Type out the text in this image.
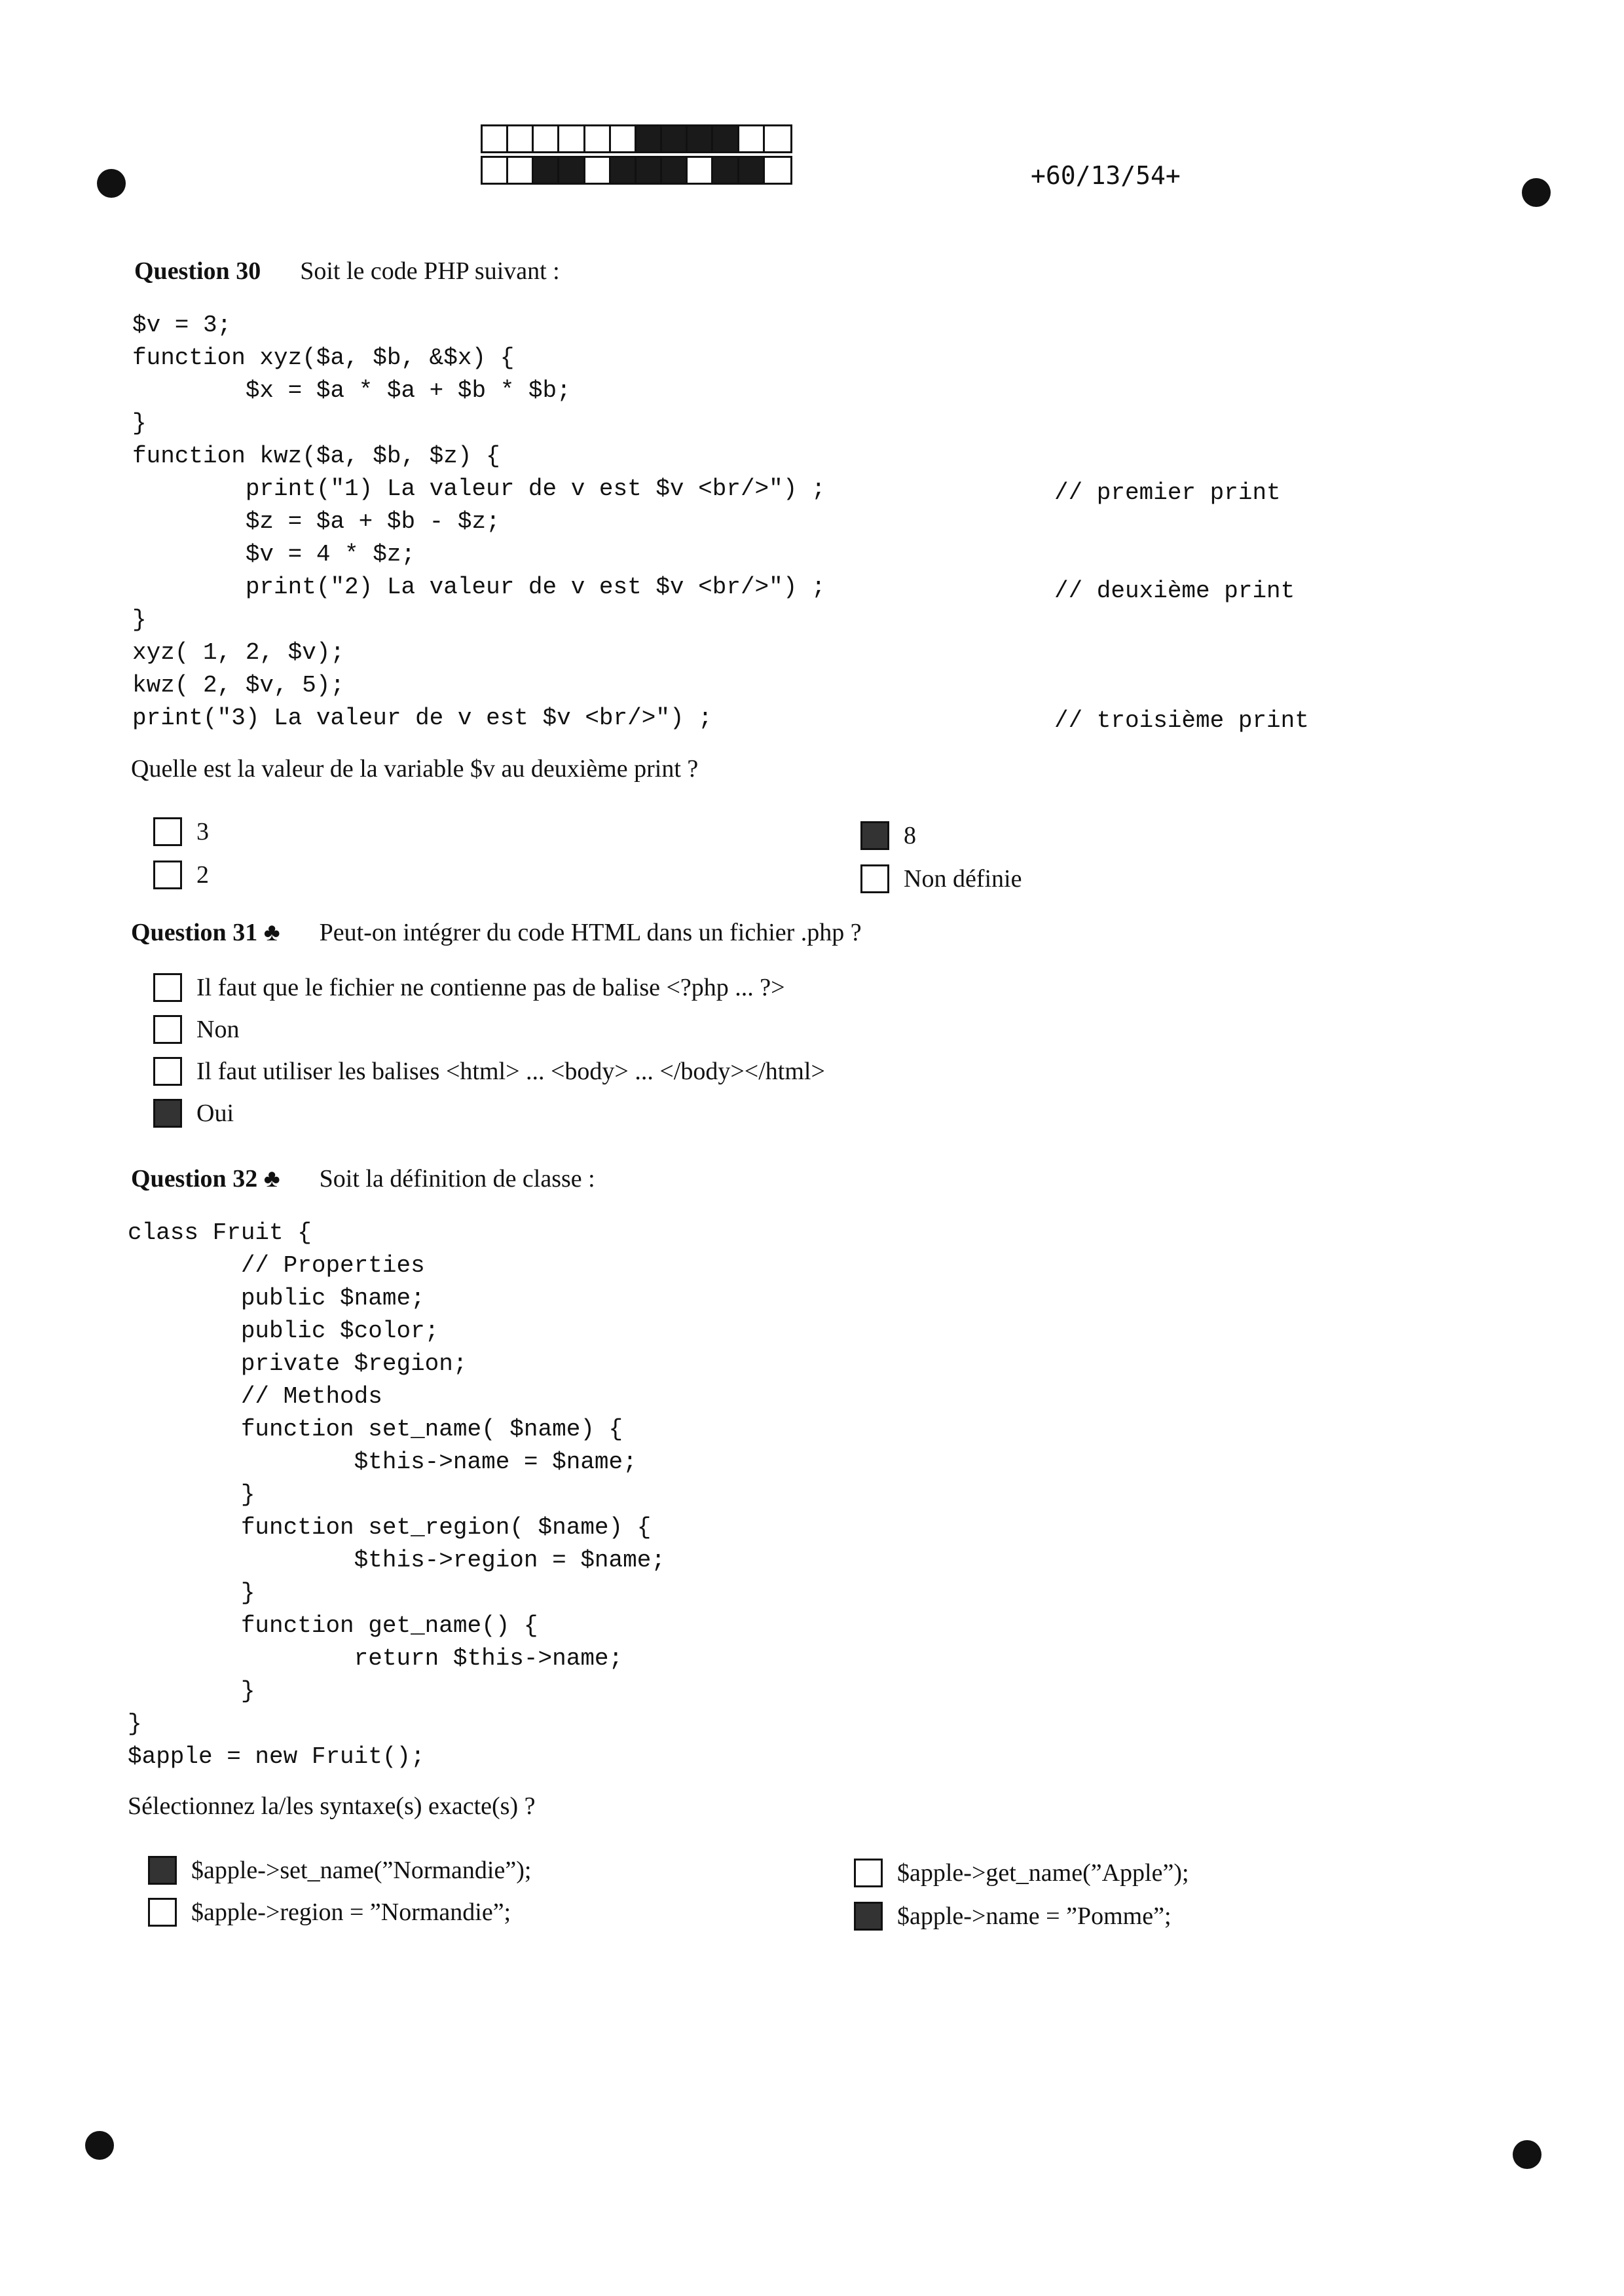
+60/13/54+
Question 30 Soit le code PHP suivant :
$v = 3;
function xyz($a, $b, &$x) {
$x = $a * $a + $b * $b;
}
function kwz($a, $b, $z) {
print("1) La valeur de v est $v <br/>") ;
$z = $a + $b - $z;
$v = 4 * $z;
print("2) La valeur de v est $v <br/>") ;
}
xyz( 1, 2, $v);
kwz( 2, $v, 5);
print("3) La valeur de v est $v <br/>") ;
// premier print
// deuxième print
// troisième print
Quelle est la valeur de la variable $v au deuxième print ?
3
2
8
Non définie
Question 31 ♣ Peut-on intégrer du code HTML dans un fichier .php ?
Il faut que le fichier ne contienne pas de balise <?php ... ?>
Non
Il faut utiliser les balises <html> ... <body> ... </body></html>
Oui
Question 32 ♣ Soit la définition de classe :
class Fruit {
// Properties
public $name;
public $color;
private $region;
// Methods
function set_name( $name) {
$this->name = $name;
}
function set_region( $name) {
$this->region = $name;
}
function get_name() {
return $this->name;
}
}
$apple = new Fruit();
Sélectionnez la/les syntaxe(s) exacte(s) ?
$apple->set_name(”Normandie”);
$apple->region = ”Normandie”;
$apple->get_name(”Apple”);
$apple->name = ”Pomme”;
